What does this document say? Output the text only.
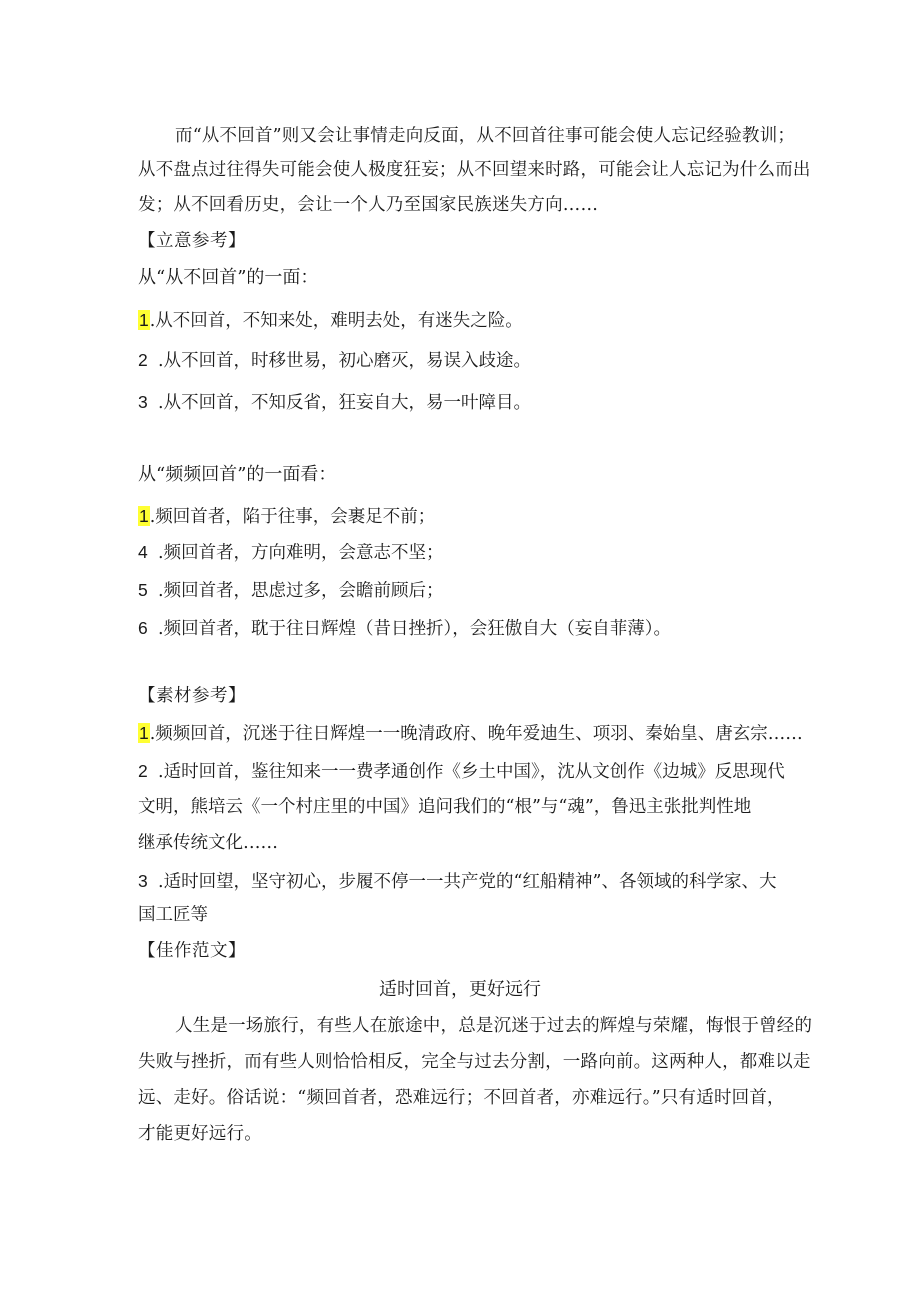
而“从不回首”则又会让事情走向反面，从不回首往事可能会使人忘记经验教训；
从不盘点过往得失可能会使人极度狂妄；从不回望来时路，可能会让人忘记为什么而出
发；从不回看历史，会让一个人乃至国家民族迷失方向……
【立意参考】
从“从不回首”的一面：
1.从不回首，不知来处，难明去处，有迷失之险。
2 .从不回首，时移世易，初心磨灭，易误入歧途。
3 .从不回首，不知反省，狂妄自大，易一叶障目。
从“频频回首”的一面看：
1.频回首者，陷于往事，会裹足不前；
4 .频回首者，方向难明，会意志不坚；
5 .频回首者，思虑过多，会瞻前顾后；
6 .频回首者，耽于往日辉煌（昔日挫折），会狂傲自大（妄自菲薄）。
【素材参考】
1.频频回首，沉迷于往日辉煌一一晚清政府、晚年爱迪生、项羽、秦始皇、唐玄宗……
2 .适时回首，鉴往知来一一费孝通创作《乡土中国》，沈从文创作《边城》反思现代
文明，熊培云《一个村庄里的中国》追问我们的“根”与“魂”，鲁迅主张批判性地
继承传统文化……
3 .适时回望，坚守初心，步履不停一一共产党的“红船精神”、各领域的科学家、大
国工匠等
【佳作范文】
适时回首，更好远行
人生是一场旅行，有些人在旅途中，总是沉迷于过去的辉煌与荣耀，悔恨于曾经的
失败与挫折，而有些人则恰恰相反，完全与过去分割，一路向前。这两种人，都难以走
远、走好。俗话说：“频回首者，恐难远行；不回首者，亦难远行。”只有适时回首，
才能更好远行。
